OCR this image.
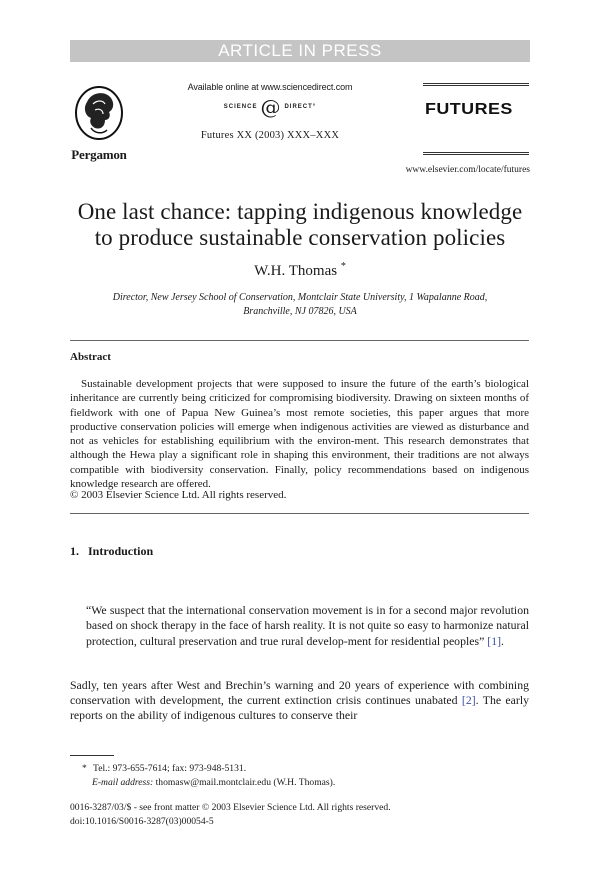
ARTICLE IN PRESS
Pergamon
Available online at www.sciencedirect.com
SCIENCE @ DIRECT°
Futures XX (2003) XXX–XXX
FUTURES
www.elsevier.com/locate/futures
One last chance: tapping indigenous knowledge
to produce sustainable conservation policies
W.H. Thomas *
Director, New Jersey School of Conservation, Montclair State University, 1 Wapalanne Road,
Branchville, NJ 07826, USA
Abstract

Sustainable development projects that were supposed to insure the future of the earth’s biological inheritance are currently being criticized for compromising biodiversity. Drawing on sixteen months of fieldwork with one of Papua New Guinea’s most remote societies, this paper argues that more productive conservation policies will emerge when indigenous activities are viewed as disturbance and not as vehicles for establishing equilibrium with the environ-ment. This research demonstrates that although the Hewa play a significant role in shaping this environment, their traditions are not always compatible with biodiversity conservation. Finally, policy recommendations based on indigenous knowledge research are offered.

© 2003 Elsevier Science Ltd. All rights reserved.
1. Introduction
“We suspect that the international conservation movement is in for a second major revolution based on shock therapy in the face of harsh reality. It is not quite so easy to harmonize natural protection, cultural preservation and true rural develop-ment for residential peoples” [1].
Sadly, ten years after West and Brechin’s warning and 20 years of experience with combining conservation with development, the current extinction crisis continues unabated [2]. The early reports on the ability of indigenous cultures to conserve their
* Tel.: 973-655-7614; fax: 973-948-5131.
E-mail address: thomasw@mail.montclair.edu (W.H. Thomas).
0016-3287/03/$ - see front matter © 2003 Elsevier Science Ltd. All rights reserved.
doi:10.1016/S0016-3287(03)00054-5
